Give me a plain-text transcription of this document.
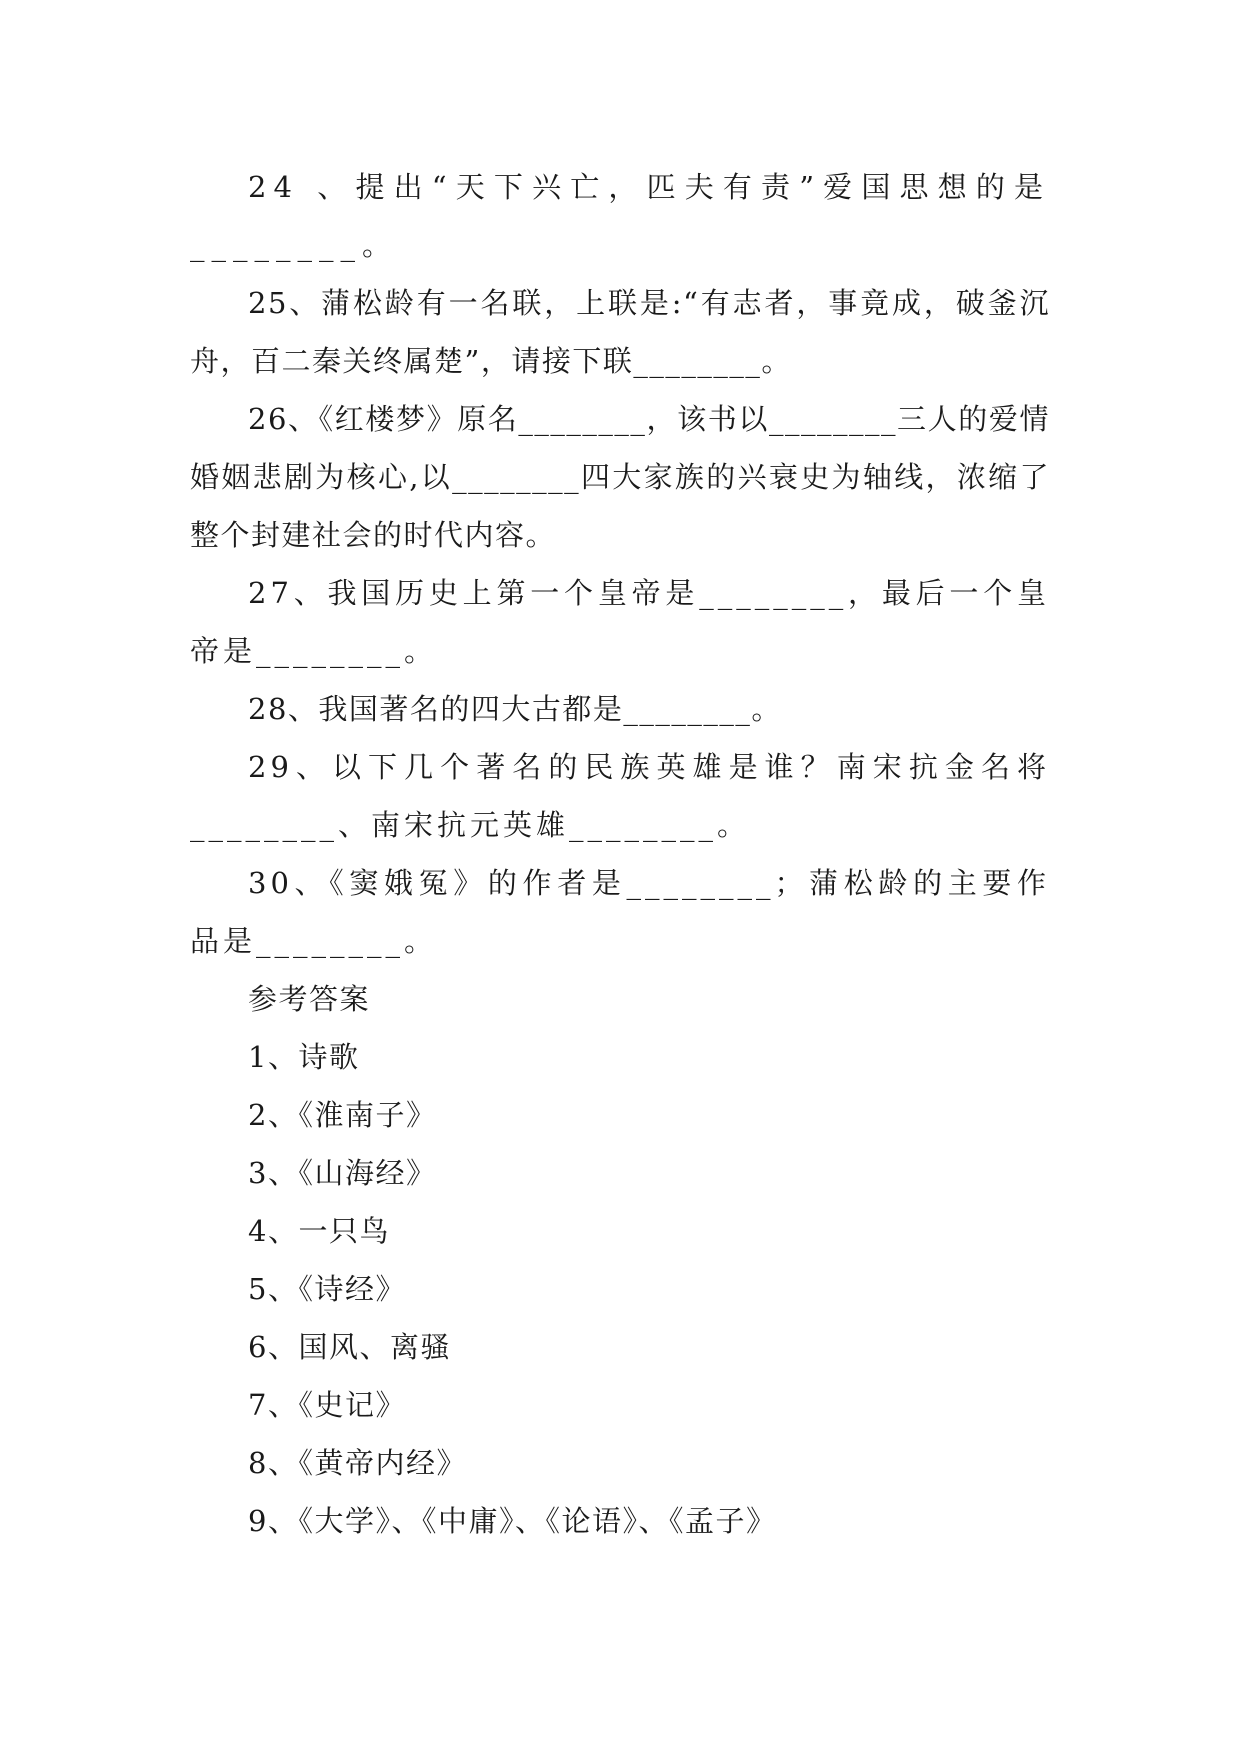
24 、提出“天下兴亡，匹夫有责”爱国思想的是________。

25、蒲松龄有一名联，上联是:“有志者，事竟成，破釜沉舟，百二秦关终属楚”，请接下联________。

26、《红楼梦》原名________，该书以________三人的爱情婚姻悲剧为核心,以________四大家族的兴衰史为轴线，浓缩了整个封建社会的时代内容。

27、我国历史上第一个皇帝是________，最后一个皇帝是________。

28、我国著名的四大古都是________。

29、以下几个著名的民族英雄是谁？南宋抗金名将________、南宋抗元英雄________。

30、《窦娥冤》的作者是________；蒲松龄的主要作品是________。

参考答案

1、诗歌

2、《淮南子》

3、《山海经》

4、一只鸟

5、《诗经》

6、国风、离骚

7、《史记》

8、《黄帝内经》

9、《大学》、《中庸》、《论语》、《孟子》
